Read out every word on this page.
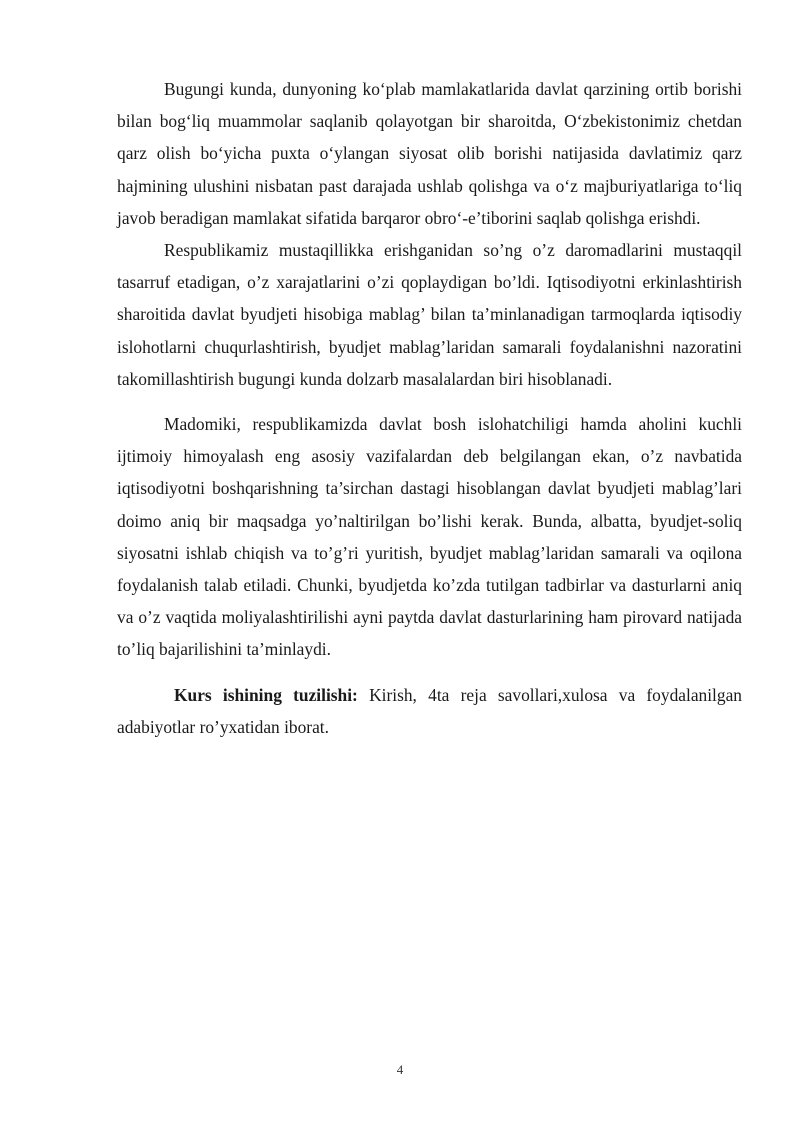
Bugungi kunda, dunyoning ko‘plab mamlakatlarida davlat qarzining ortib borishi bilan bog‘liq muammolar saqlanib qolayotgan bir sharoitda, O‘zbekistonimiz chetdan qarz olish bo‘yicha puxta o‘ylangan siyosat olib borishi natijasida davlatimiz qarz hajmining ulushini nisbatan past darajada ushlab qolishga va o‘z majburiyatlariga to‘liq javob beradigan mamlakat sifatida barqaror obro‘-e’tiborini saqlab qolishga erishdi.

Respublikamiz mustaqillikka erishganidan so’ng o’z daromadlarini mustaqqil tasarruf etadigan, o’z xarajatlarini o’zi qoplaydigan bo’ldi. Iqtisodiyotni erkinlashtirish sharoitida davlat byudjeti hisobiga mablag’ bilan ta’minlanadigan tarmoqlarda iqtisodiy islohotlarni chuqurlashtirish, byudjet mablag’laridan samarali foydalanishni nazoratini takomillashtirish bugungi kunda dolzarb masalalardan biri hisoblanadi.

Madomiki, respublikamizda davlat bosh islohatchiligi hamda aholini kuchli ijtimoiy himoyalash eng asosiy vazifalardan deb belgilangan ekan, o’z navbatida iqtisodiyotni boshqarishning ta’sirchan dastagi hisoblangan davlat byudjeti mablag’lari doimo aniq bir maqsadga yo’naltirilgan bo’lishi kerak. Bunda, albatta, byudjet-soliq siyosatni ishlab chiqish va to’g’ri yuritish, byudjet mablag’laridan samarali va oqilona foydalanish talab etiladi. Chunki, byudjetda ko’zda tutilgan tadbirlar va dasturlarni aniq va o’z vaqtida moliyalashtirilishi ayni paytda davlat dasturlarining ham pirovard natijada to’liq bajarilishini ta’minlaydi.

Kurs ishining tuzilishi: Kirish, 4ta reja savollari,xulosa va foydalanilgan adabiyotlar ro’yxatidan iborat.

4
